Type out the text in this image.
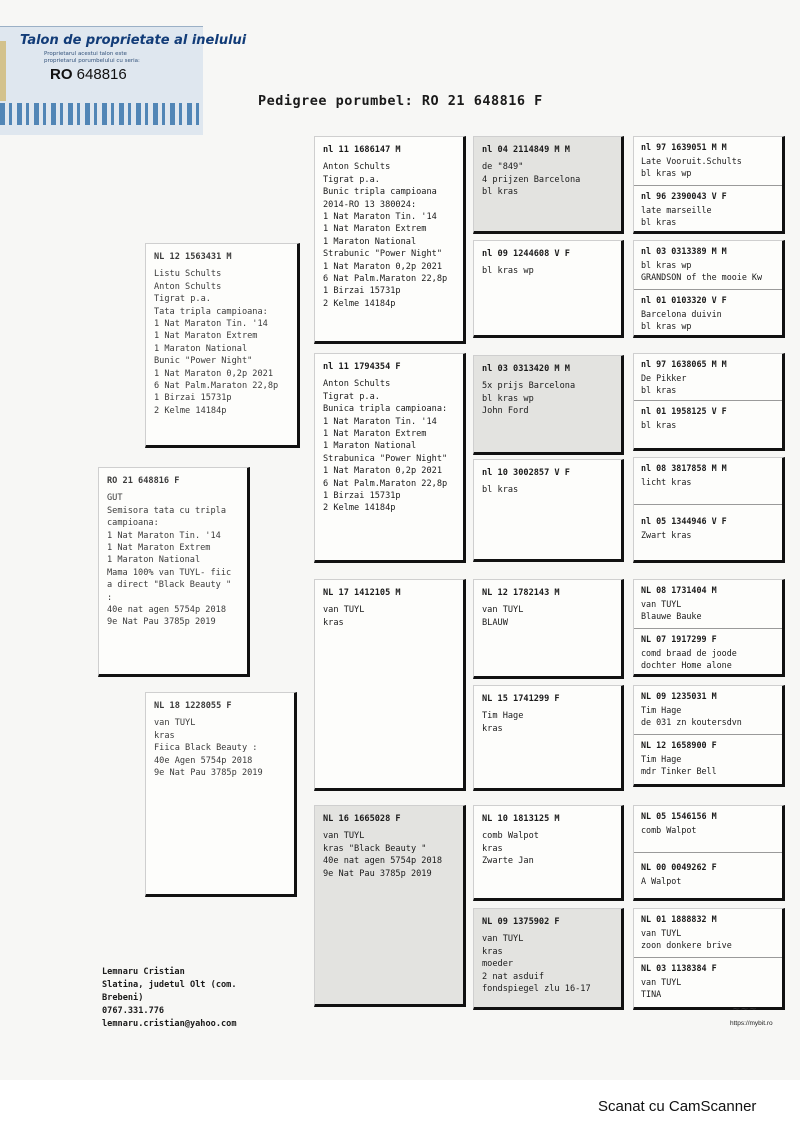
Talon de proprietate al inelului
Proprietarul acestui talon este
proprietarul porumbelului cu seria:
RO 648816
Pedigree porumbel: RO 21 648816 F
RO 21 648816 F
GUT
Semisora tata cu tripla
campioana:
1 Nat Maraton Tin. '14
1 Nat Maraton Extrem
1 Maraton National
Mama 100% van TUYL- fiic
a direct "Black Beauty "
:
40e nat agen 5754p 2018
9e Nat Pau 3785p 2019
NL 12 1563431 M
Listu Schults
Anton Schults
Tigrat p.a.
Tata tripla campioana:
1 Nat Maraton Tin. '14
1 Nat Maraton Extrem
1 Maraton National
Bunic "Power Night"
1 Nat Maraton 0,2p 2021
6 Nat Palm.Maraton 22,8p
1 Birzai 15731p
2 Kelme 14184p
NL 18 1228055 F
van TUYL
kras
Fiica Black Beauty :
40e Agen 5754p 2018
9e Nat Pau 3785p 2019
nl 11 1686147 M
Anton Schults
Tigrat p.a.
Bunic tripla campioana
2014-RO 13 380024:
1 Nat Maraton Tin. '14
1 Nat Maraton Extrem
1 Maraton National
Strabunic "Power Night"
1 Nat Maraton 0,2p 2021
6 Nat Palm.Maraton 22,8p
1 Birzai 15731p
2 Kelme 14184p
nl 11 1794354 F
Anton Schults
Tigrat p.a.
Bunica tripla campioana:
1 Nat Maraton Tin. '14
1 Nat Maraton Extrem
1 Maraton National
Strabunica "Power Night"
1 Nat Maraton 0,2p 2021
6 Nat Palm.Maraton 22,8p
1 Birzai 15731p
2 Kelme 14184p
NL 17 1412105 M
van TUYL
kras
NL 16 1665028 F
van TUYL
kras "Black Beauty "
40e nat agen 5754p 2018
9e Nat Pau 3785p 2019
nl 04 2114849 M M
de "849"
4 prijzen Barcelona
bl kras
nl 09 1244608 V F
bl kras wp
nl 03 0313420 M M
5x prijs Barcelona
bl kras wp
John Ford
nl 10 3002857 V F
bl kras
NL 12 1782143 M
van TUYL
BLAUW
NL 15 1741299 F
Tim Hage
kras
NL 10 1813125 M
comb Walpot
kras
Zwarte Jan
NL 09 1375902 F
van TUYL
kras
moeder
2 nat asduif
fondspiegel zlu 16-17
nl 97 1639051 M M
Late Vooruit.Schults
bl kras wp
nl 96 2390043 V F
late marseille
bl kras
nl 03 0313389 M M
bl kras wp
GRANDSON of the mooie Kw
nl 01 0103320 V F
Barcelona duivin
bl kras wp
nl 97 1638065 M M
De Pikker
bl kras
nl 01 1958125 V F
bl kras
nl 08 3817858 M M
licht kras
nl 05 1344946 V F
Zwart kras
NL 08 1731404 M
van TUYL
Blauwe Bauke
NL 07 1917299 F
comd braad de joode
dochter Home alone
NL 09 1235031 M
Tim Hage
de 031 zn koutersdvn
NL 12 1658900 F
Tim Hage
mdr Tinker Bell
NL 05 1546156 M
comb Walpot
NL 00 0049262 F
A Walpot
NL 01 1888832 M
van TUYL
zoon donkere brive
NL 03 1138384 F
van TUYL
TINA
Lemnaru Cristian
Slatina, judetul Olt (com.
Brebeni)
0767.331.776
lemnaru.cristian@yahoo.com
~~~
https://mybit.ro
Scanat cu CamScanner
